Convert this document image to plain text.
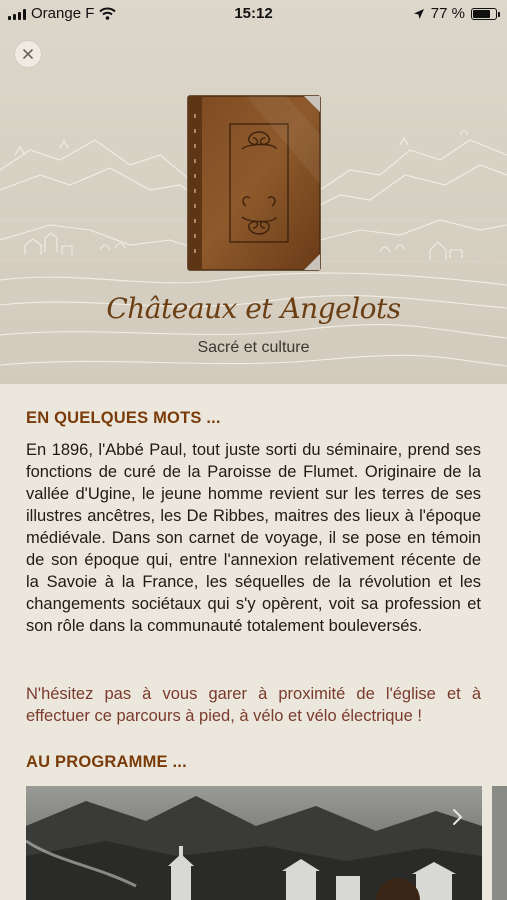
Orange F	15:12	77 %
Châteaux et Angelots
Sacré et culture
EN QUELQUES MOTS ...

En 1896, l'Abbé Paul, tout juste sorti du séminaire, prend ses fonctions de curé de la Paroisse de Flumet. Originaire de la vallée d'Ugine, le jeune homme revient sur les terres de ses illustres ancêtres, les De Ribbes, maitres des lieux à l'époque médiévale. Dans son carnet de voyage, il se pose en témoin de son époque qui, entre l'annexion relativement récente de la Savoie à la France, les séquelles de la révolution et les changements sociétaux qui s'y opèrent, voit sa profession et son rôle dans la communauté totalement bouleversés.

N'hésitez pas à vous garer à proximité de l'église et à effectuer ce parcours à pied, à vélo et vélo électrique !

AU PROGRAMME ...
